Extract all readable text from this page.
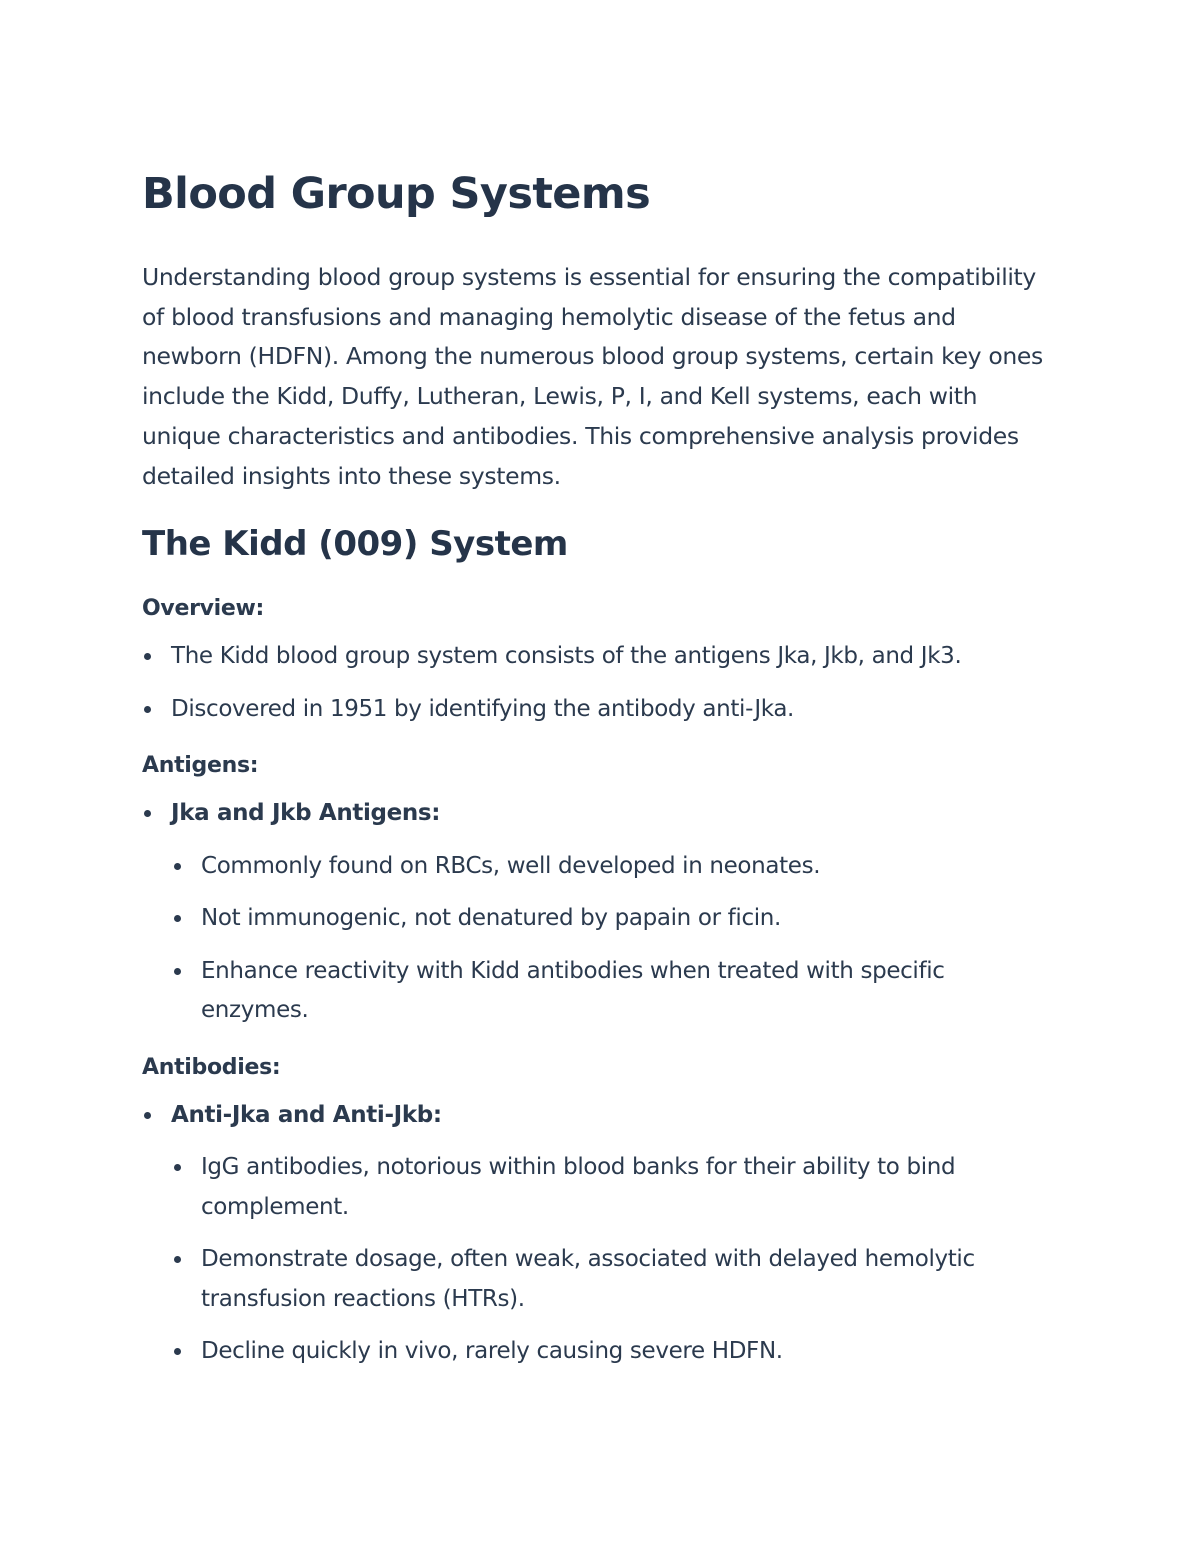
Blood Group Systems

Understanding blood group systems is essential for ensuring the compatibility of blood transfusions and managing hemolytic disease of the fetus and newborn (HDFN). Among the numerous blood group systems, certain key ones include the Kidd, Duffy, Lutheran, Lewis, P, I, and Kell systems, each with unique characteristics and antibodies. This comprehensive analysis provides detailed insights into these systems.

The Kidd (009) System
Overview:
The Kidd blood group system consists of the antigens Jka, Jkb, and Jk3.
Discovered in 1951 by identifying the antibody anti-Jka.
Antigens:
Jka and Jkb Antigens:
Commonly found on RBCs, well developed in neonates.
Not immunogenic, not denatured by papain or ficin.
Enhance reactivity with Kidd antibodies when treated with specific enzymes.
Antibodies:
Anti-Jka and Anti-Jkb:
IgG antibodies, notorious within blood banks for their ability to bind complement.
Demonstrate dosage, often weak, associated with delayed hemolytic transfusion reactions (HTRs).
Decline quickly in vivo, rarely causing severe HDFN.
